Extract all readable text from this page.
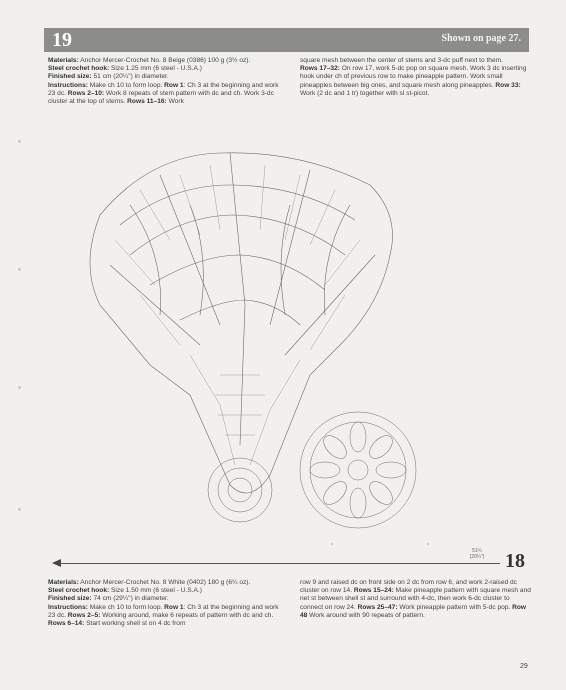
19	Shown on page 27.

Materials: Anchor Mercer-Crochet No. 8 Beige (0386) 100 g (3½ oz).

Steel crochet hook: Size 1.25 mm (6 steel - U.S.A.)

Finished size: 51 cm (20¼") in diameter.

Instructions: Make ch 10 to form loop. Row 1: Ch 3 at the beginning and work 23 dc. Rows 2–10: Work 8 repeats of stem pattern with dc and ch. Work 3-dc cluster at the top of stems. Rows 11–16: Work

square mesh between the center of stems and 3-dc puff next to them.

Rows 17–32: On row 17, work 5-dc pop on square mesh. Work 3 dc inserting hook under ch of previous row to make pineapple pattern. Work small pineapples between big ones, and square mesh along pineapples. Row 33: Work (2 dc and 1 tr) together with sl st-picot.

51¼
(20¼")	18

Materials: Anchor Mercer-Crochet No. 8 White (0402) 180 g (6¼ oz).

Steel crochet hook: Size 1.50 mm (6 steel - U.S.A.)

Finished size: 74 cm (29¼") in diameter.

Instructions: Make ch 10 to form loop. Row 1: Ch 3 at the beginning and work 23 dc. Rows 2–5: Working around, make 6 repeats of pattern with dc and ch. Rows 6–14: Start working shell st on 4 dc from

row 9 and raised dc on front side on 2 dc from row 6, and work 2-raised dc cluster on row 14. Rows 15–24: Make pineapple pattern with square mesh and net st between shell st and surround with 4-dc, then work 6-dc cluster to connect on row 24. Rows 25–47: Work pineapple pattern with 5-dc pop. Row 48 Work around with 90 repeats of pattern.

29
